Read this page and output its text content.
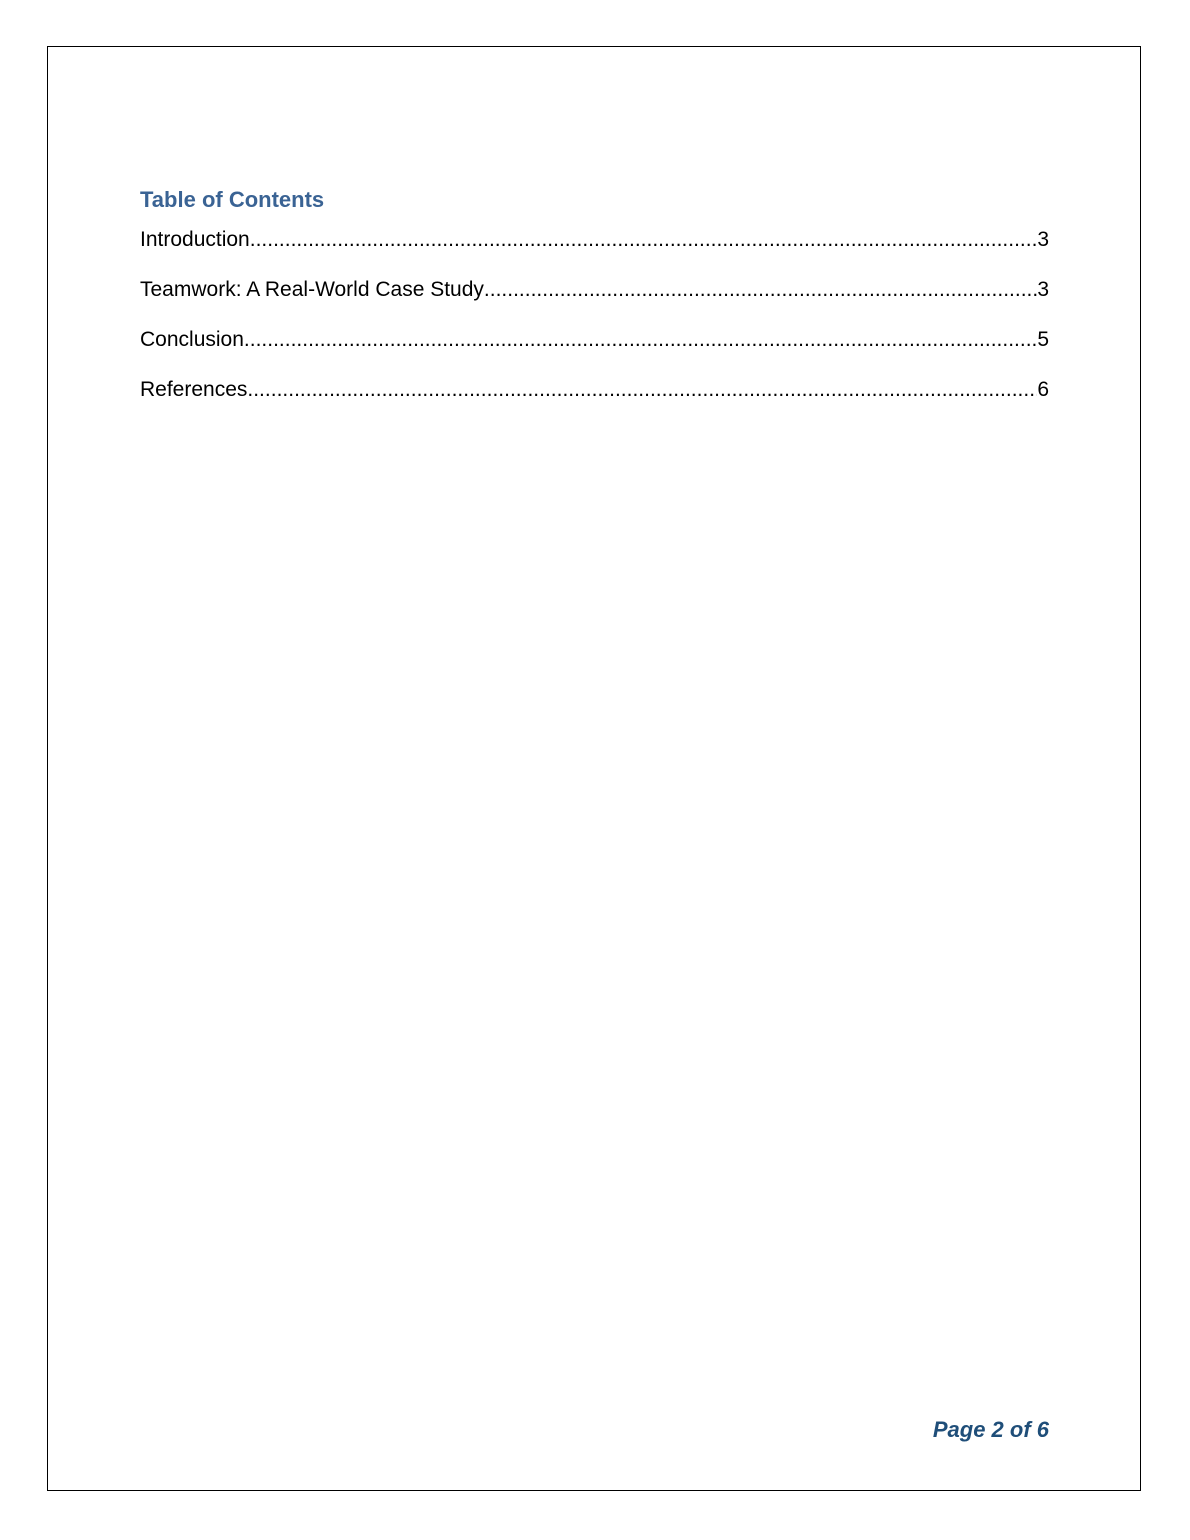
Table of Contents
Introduction .....	3
Teamwork: A Real-World Case Study .....	3
Conclusion .....	5
References .....	6
Page 2 of 6
